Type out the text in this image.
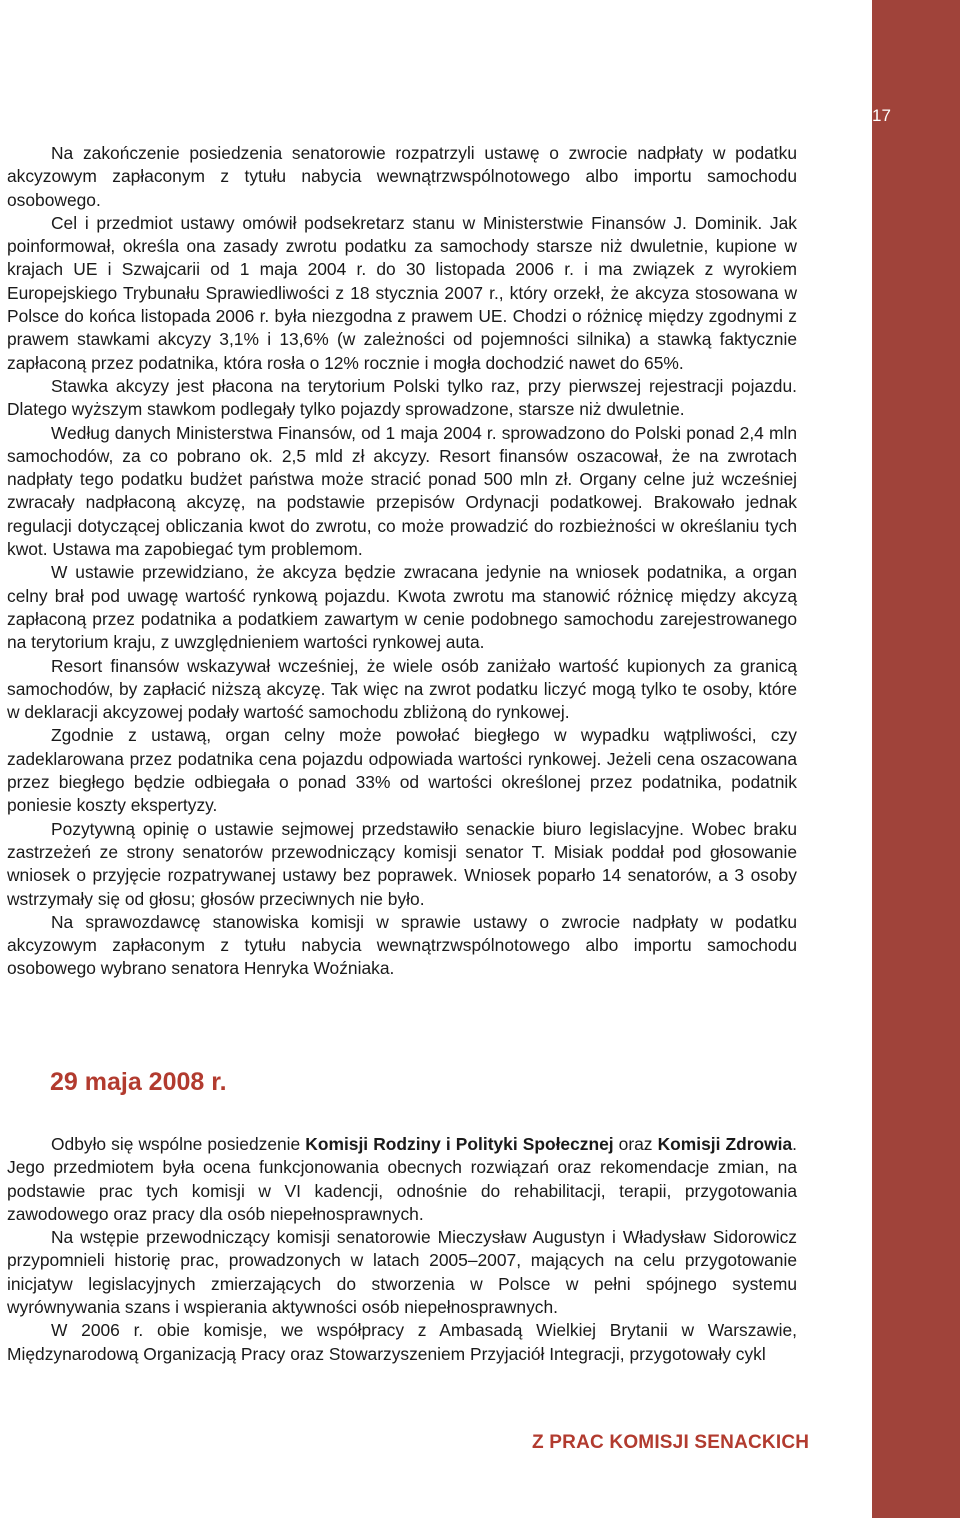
17

Na zakończenie posiedzenia senatorowie rozpatrzyli ustawę o zwrocie nadpłaty w podatku akcyzowym zapłaconym z tytułu nabycia wewnątrzwspólnotowego albo importu samochodu osobowego.

Cel i przedmiot ustawy omówił podsekretarz stanu w Ministerstwie Finansów J. Dominik. Jak poinformował, określa ona zasady zwrotu podatku za samochody starsze niż dwuletnie, kupione w krajach UE i Szwajcarii od 1 maja 2004 r. do 30 listopada 2006 r. i ma związek z wyrokiem Europejskiego Trybunału Sprawiedliwości z 18 stycznia 2007 r., który orzekł, że akcyza stosowana w Polsce do końca listopada 2006 r. była niezgodna z prawem UE. Chodzi o różnicę między zgodnymi z prawem stawkami akcyzy 3,1% i 13,6% (w zależności od pojemności silnika) a stawką faktycznie zapłaconą przez podatnika, która rosła o 12% rocznie i mogła dochodzić nawet do 65%.

Stawka akcyzy jest płacona na terytorium Polski tylko raz, przy pierwszej rejestracji pojazdu. Dlatego wyższym stawkom podlegały tylko pojazdy sprowadzone, starsze niż dwuletnie.

Według danych Ministerstwa Finansów, od 1 maja 2004 r. sprowadzono do Polski ponad 2,4 mln samochodów, za co pobrano ok. 2,5 mld zł akcyzy. Resort finansów oszacował, że na zwrotach nadpłaty tego podatku budżet państwa może stracić ponad 500 mln zł. Organy celne już wcześniej zwracały nadpłaconą akcyzę, na podstawie przepisów Ordynacji podatkowej. Brakowało jednak regulacji dotyczącej obliczania kwot do zwrotu, co może prowadzić do rozbieżności w określaniu tych kwot. Ustawa ma zapobiegać tym problemom.

W ustawie przewidziano, że akcyza będzie zwracana jedynie na wniosek podatnika, a organ celny brał pod uwagę wartość rynkową pojazdu. Kwota zwrotu ma stanowić różnicę między akcyzą zapłaconą przez podatnika a podatkiem zawartym w cenie podobnego samochodu zarejestrowanego na terytorium kraju, z uwzględnieniem wartości rynkowej auta.

Resort finansów wskazywał wcześniej, że wiele osób zaniżało wartość kupionych za granicą samochodów, by zapłacić niższą akcyzę. Tak więc na zwrot podatku liczyć mogą tylko te osoby, które w deklaracji akcyzowej podały wartość samochodu zbliżoną do rynkowej.

Zgodnie z ustawą, organ celny może powołać biegłego w wypadku wątpliwości, czy zadeklarowana przez podatnika cena pojazdu odpowiada wartości rynkowej. Jeżeli cena oszacowana przez biegłego będzie odbiegała o ponad 33% od wartości określonej przez podatnika, podatnik poniesie koszty ekspertyzy.

Pozytywną opinię o ustawie sejmowej przedstawiło senackie biuro legislacyjne. Wobec braku zastrzeżeń ze strony senatorów przewodniczący komisji senator T. Misiak poddał pod głosowanie wniosek o przyjęcie rozpatrywanej ustawy bez poprawek. Wniosek poparło 14 senatorów, a 3 osoby wstrzymały się od głosu; głosów przeciwnych nie było.

Na sprawozdawcę stanowiska komisji w sprawie ustawy o zwrocie nadpłaty w podatku akcyzowym zapłaconym z tytułu nabycia wewnątrzwspólnotowego albo importu samochodu osobowego wybrano senatora Henryka Woźniaka.

29 maja 2008 r.

Odbyło się wspólne posiedzenie Komisji Rodziny i Polityki Społecznej oraz Komisji Zdrowia. Jego przedmiotem była ocena funkcjonowania obecnych rozwiązań oraz rekomendacje zmian, na podstawie prac tych komisji w VI kadencji, odnośnie do rehabilitacji, terapii, przygotowania zawodowego oraz pracy dla osób niepełnosprawnych.

Na wstępie przewodniczący komisji senatorowie Mieczysław Augustyn i Władysław Sidorowicz przypomnieli historię prac, prowadzonych w latach 2005–2007, mających na celu przygotowanie inicjatyw legislacyjnych zmierzających do stworzenia w Polsce w pełni spójnego systemu wyrównywania szans i wspierania aktywności osób niepełnosprawnych.

W 2006 r. obie komisje, we współpracy z Ambasadą Wielkiej Brytanii w Warszawie, Międzynarodową Organizacją Pracy oraz Stowarzyszeniem Przyjaciół Integracji, przygotowały cykl

Z PRAC KOMISJI SENACKICH
